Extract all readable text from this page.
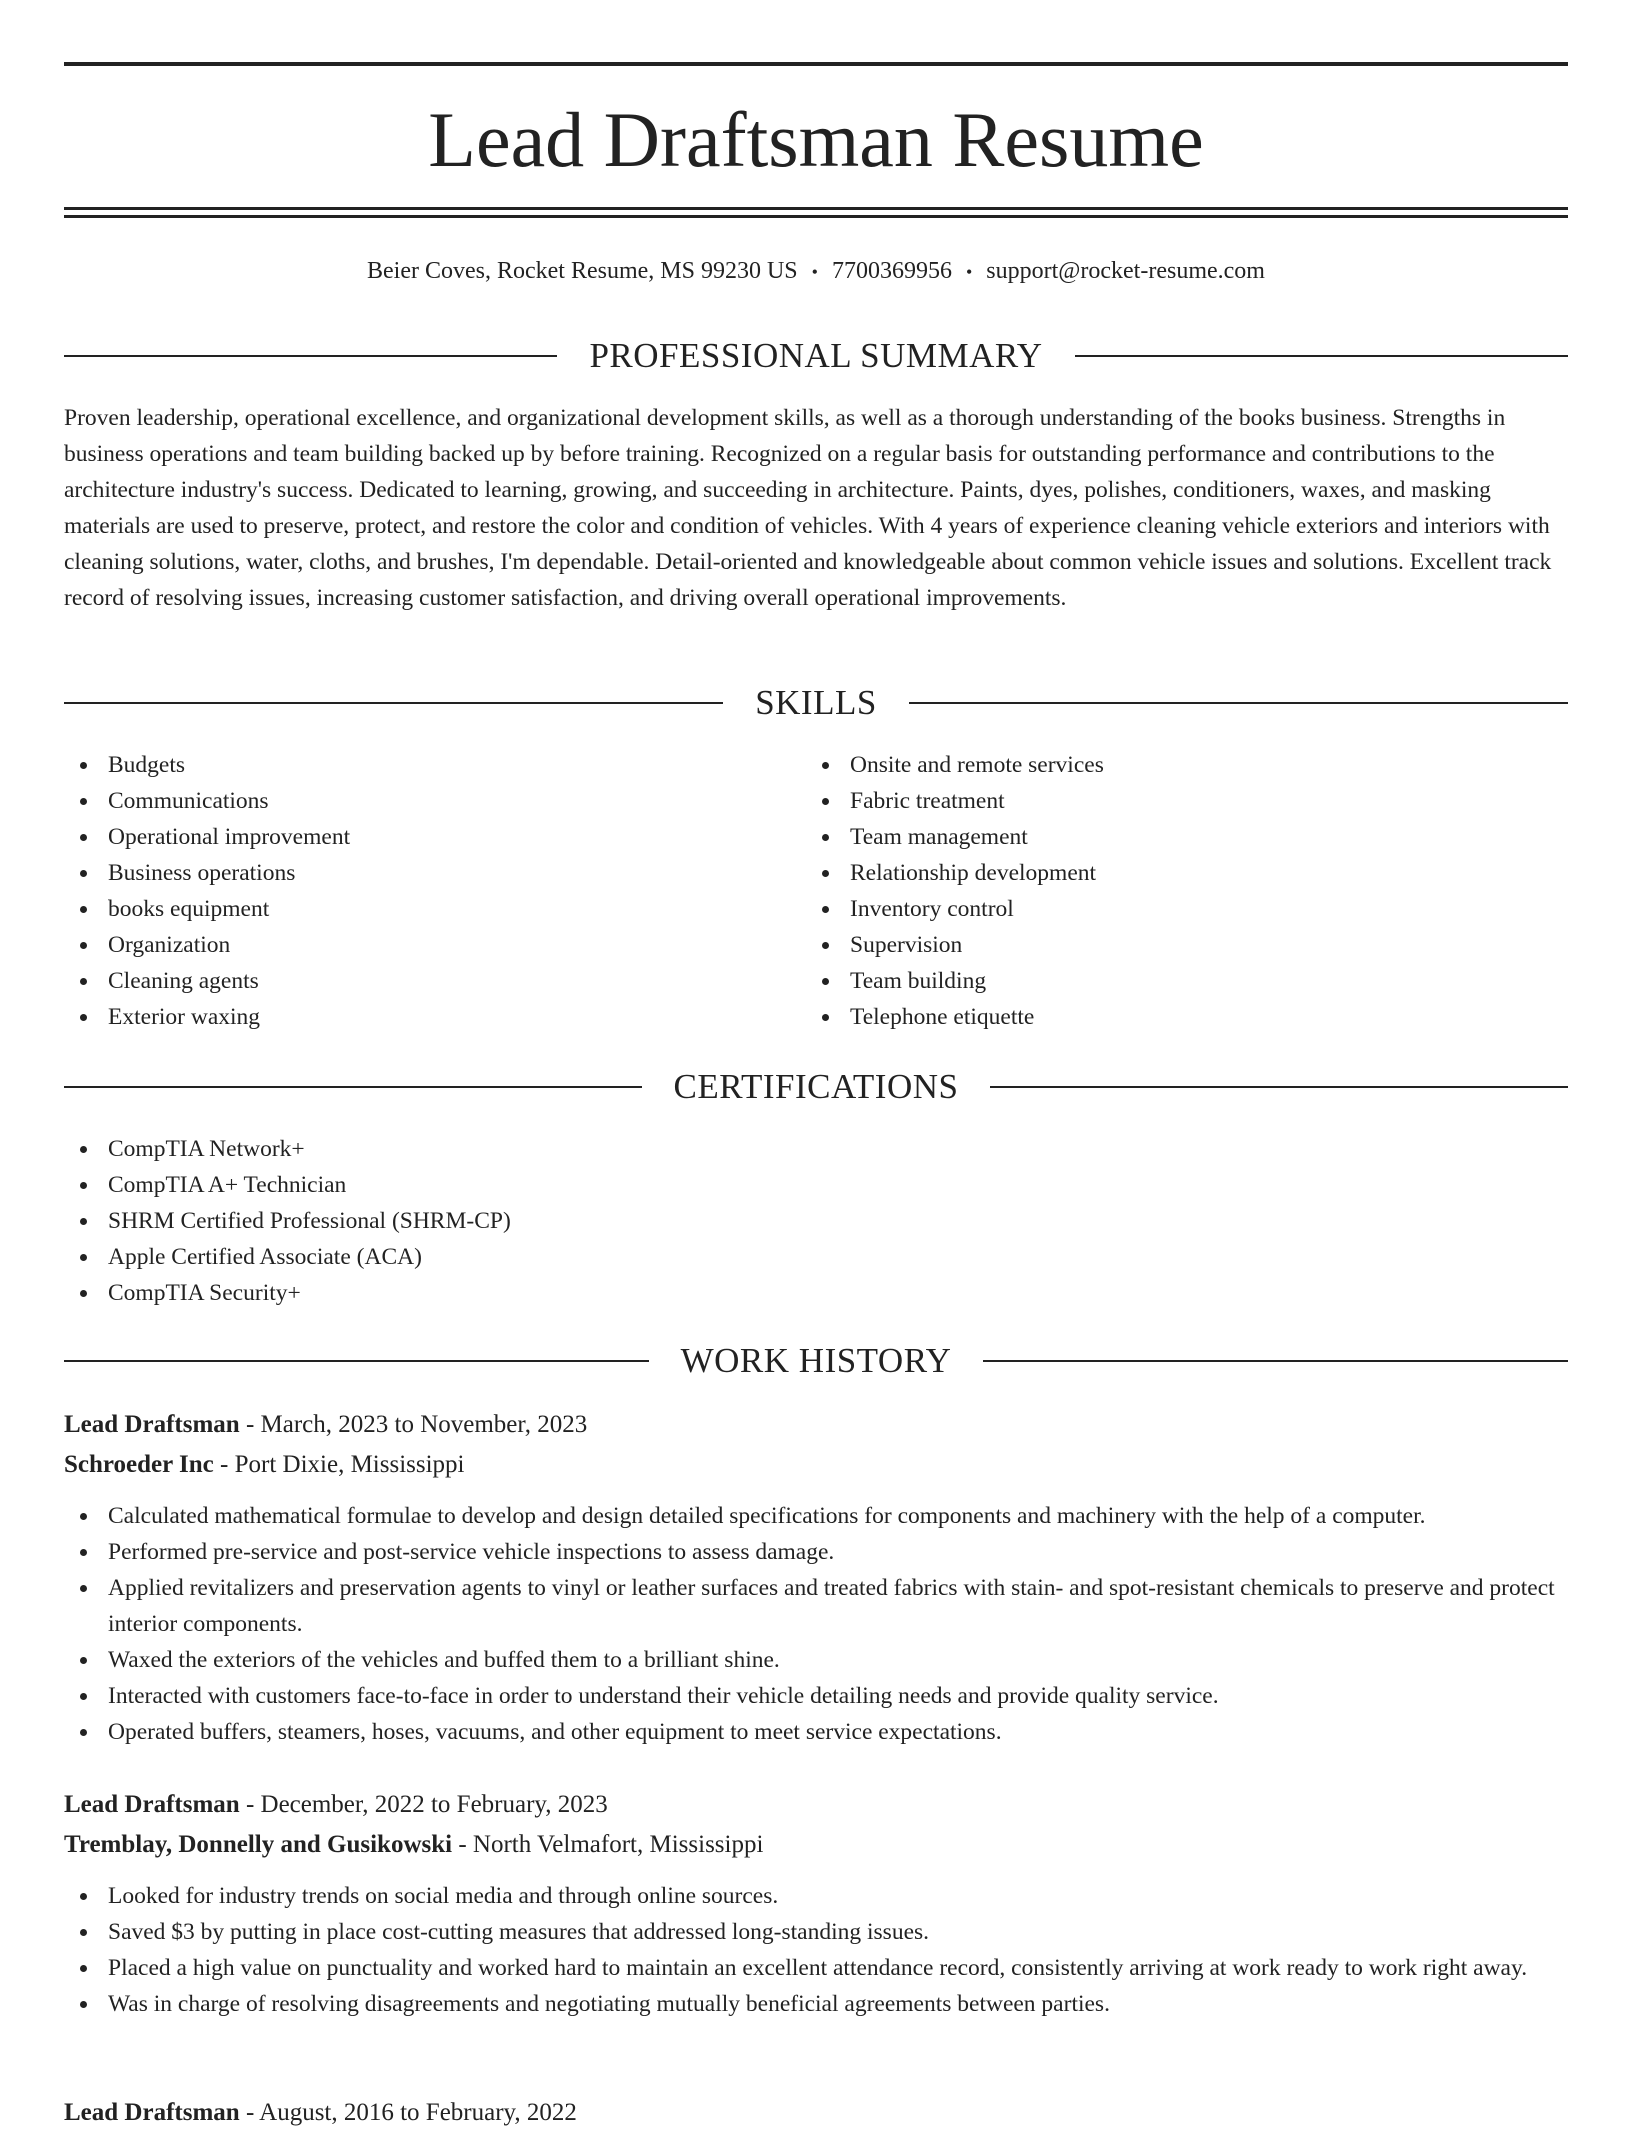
Lead Draftsman Resume
Beier Coves, Rocket Resume, MS 99230 US • 7700369956 • support@rocket-resume.com
PROFESSIONAL SUMMARY

Proven leadership, operational excellence, and organizational development skills, as well as a thorough understanding of the books business. Strengths in business operations and team building backed up by before training. Recognized on a regular basis for outstanding performance and contributions to the architecture industry's success. Dedicated to learning, growing, and succeeding in architecture. Paints, dyes, polishes, conditioners, waxes, and masking materials are used to preserve, protect, and restore the color and condition of vehicles. With 4 years of experience cleaning vehicle exteriors and interiors with cleaning solutions, water, cloths, and brushes, I'm dependable. Detail-oriented and knowledgeable about common vehicle issues and solutions. Excellent track record of resolving issues, increasing customer satisfaction, and driving overall operational improvements.

SKILLS
Budgets
Communications
Operational improvement
Business operations
books equipment
Organization
Cleaning agents
Exterior waxing
Onsite and remote services
Fabric treatment
Team management
Relationship development
Inventory control
Supervision
Team building
Telephone etiquette
CERTIFICATIONS
CompTIA Network+
CompTIA A+ Technician
SHRM Certified Professional (SHRM-CP)
Apple Certified Associate (ACA)
CompTIA Security+
WORK HISTORY
Lead Draftsman - March, 2023 to November, 2023
Schroeder Inc - Port Dixie, Mississippi
Calculated mathematical formulae to develop and design detailed specifications for components and machinery with the help of a computer.
Performed pre-service and post-service vehicle inspections to assess damage.
Applied revitalizers and preservation agents to vinyl or leather surfaces and treated fabrics with stain- and spot-resistant chemicals to preserve and protect interior components.
Waxed the exteriors of the vehicles and buffed them to a brilliant shine.
Interacted with customers face-to-face in order to understand their vehicle detailing needs and provide quality service.
Operated buffers, steamers, hoses, vacuums, and other equipment to meet service expectations.
Lead Draftsman - December, 2022 to February, 2023
Tremblay, Donnelly and Gusikowski - North Velmafort, Mississippi
Looked for industry trends on social media and through online sources.
Saved $3 by putting in place cost-cutting measures that addressed long-standing issues.
Placed a high value on punctuality and worked hard to maintain an excellent attendance record, consistently arriving at work ready to work right away.
Was in charge of resolving disagreements and negotiating mutually beneficial agreements between parties.
Lead Draftsman - August, 2016 to February, 2022
